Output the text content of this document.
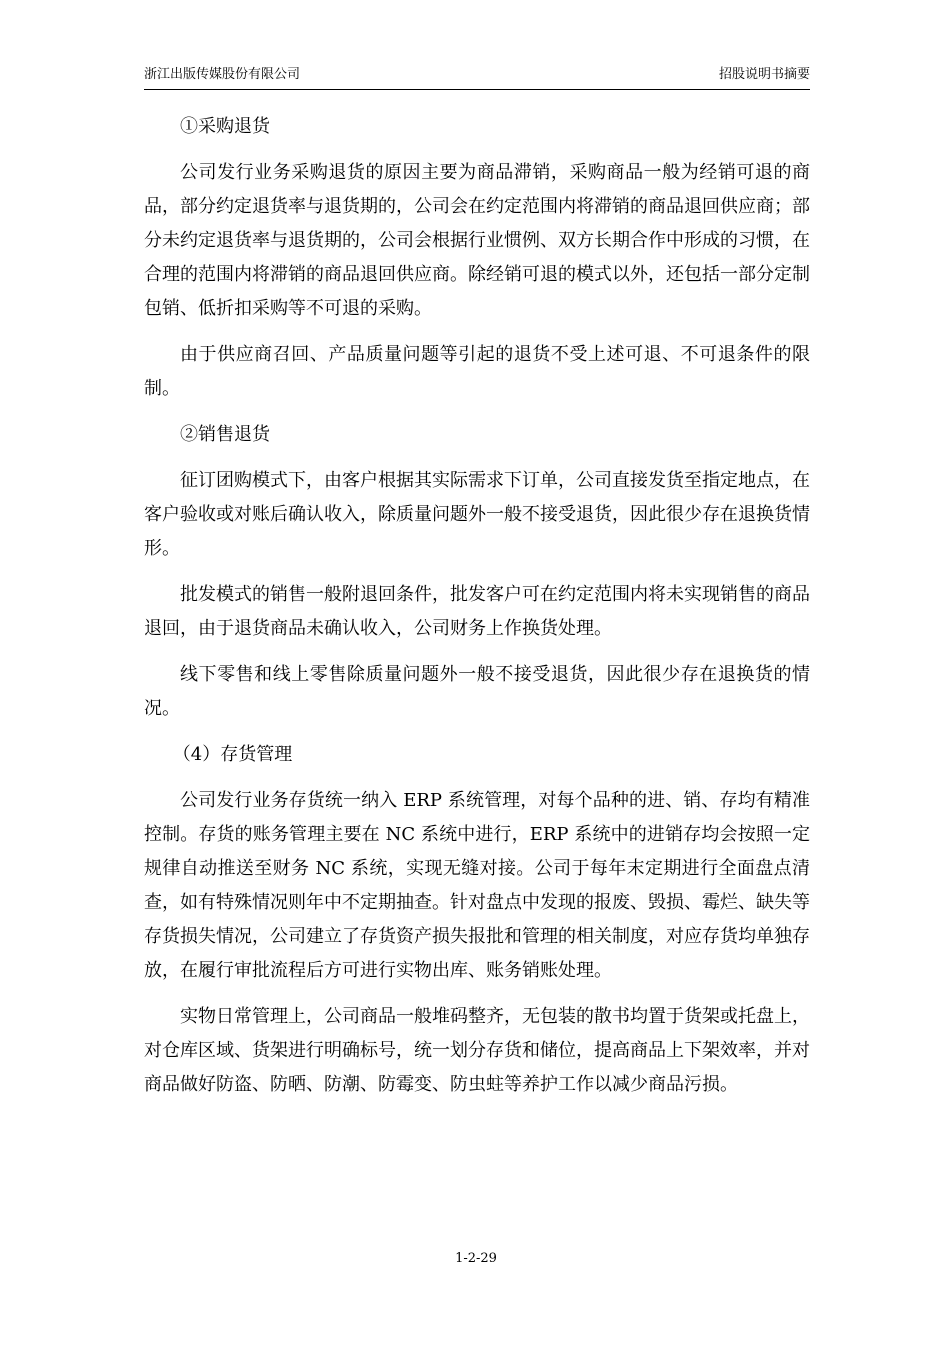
浙江出版传媒股份有限公司	招股说明书摘要

①采购退货

公司发行业务采购退货的原因主要为商品滞销，采购商品一般为经销可退的商品，部分约定退货率与退货期的，公司会在约定范围内将滞销的商品退回供应商；部分未约定退货率与退货期的，公司会根据行业惯例、双方长期合作中形成的习惯，在合理的范围内将滞销的商品退回供应商。除经销可退的模式以外，还包括一部分定制包销、低折扣采购等不可退的采购。

由于供应商召回、产品质量问题等引起的退货不受上述可退、不可退条件的限制。

②销售退货

征订团购模式下，由客户根据其实际需求下订单，公司直接发货至指定地点，在客户验收或对账后确认收入，除质量问题外一般不接受退货，因此很少存在退换货情形。

批发模式的销售一般附退回条件，批发客户可在约定范围内将未实现销售的商品退回，由于退货商品未确认收入，公司财务上作换货处理。

线下零售和线上零售除质量问题外一般不接受退货，因此很少存在退换货的情况。

（4）存货管理

公司发行业务存货统一纳入 ERP 系统管理，对每个品种的进、销、存均有精准控制。存货的账务管理主要在 NC 系统中进行，ERP 系统中的进销存均会按照一定规律自动推送至财务 NC 系统，实现无缝对接。公司于每年末定期进行全面盘点清查，如有特殊情况则年中不定期抽查。针对盘点中发现的报废、毁损、霉烂、缺失等存货损失情况，公司建立了存货资产损失报批和管理的相关制度，对应存货均单独存放，在履行审批流程后方可进行实物出库、账务销账处理。

实物日常管理上，公司商品一般堆码整齐，无包装的散书均置于货架或托盘上，对仓库区域、货架进行明确标号，统一划分存货和储位，提高商品上下架效率，并对商品做好防盗、防晒、防潮、防霉变、防虫蛀等养护工作以减少商品污损。

1-2-29
